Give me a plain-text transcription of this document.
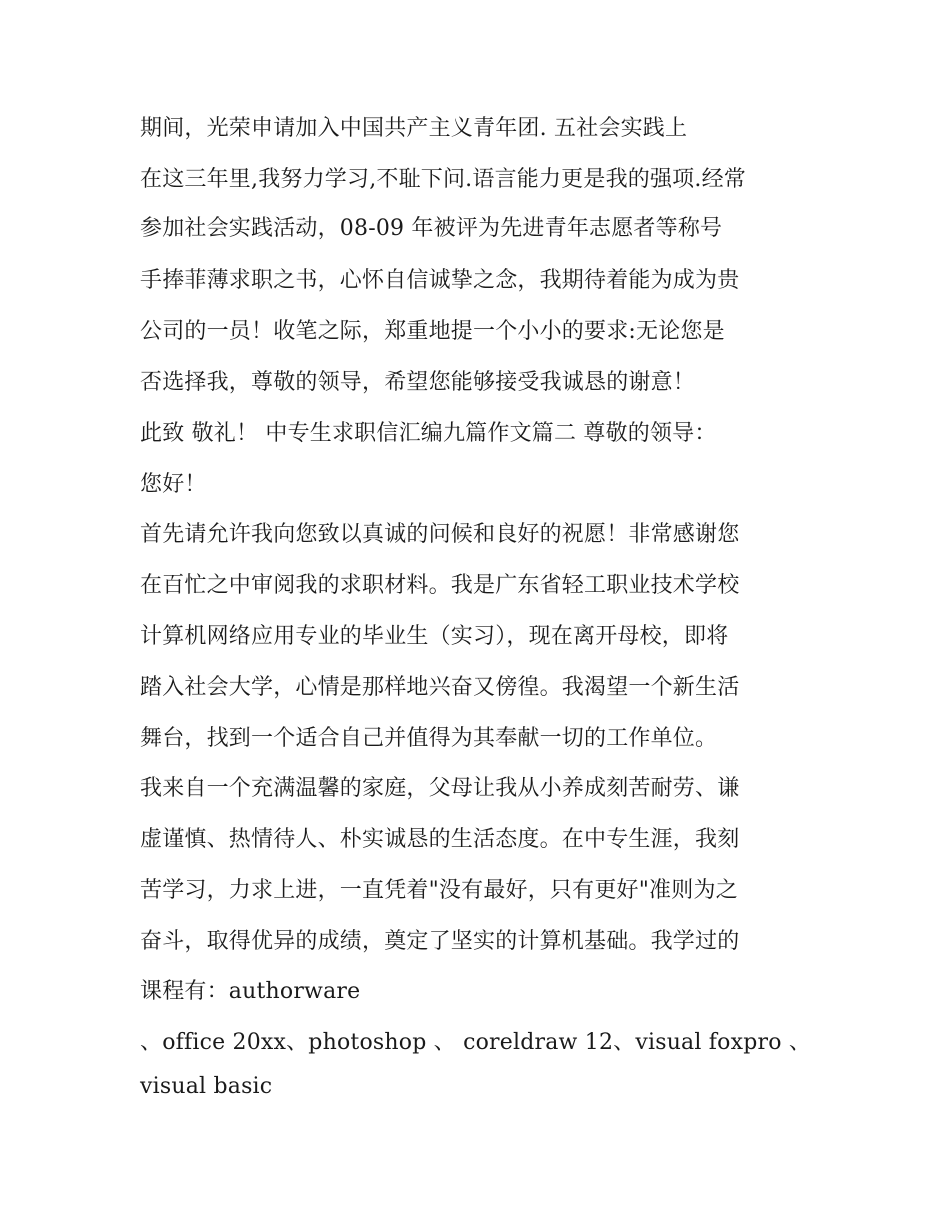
期间，光荣申请加入中国共产主义青年团. 五社会实践上
在这三年里,我努力学习,不耻下问.语言能力更是我的强项.经常
参加社会实践活动，08-09 年被评为先进青年志愿者等称号
手捧菲薄求职之书，心怀自信诚挚之念，我期待着能为成为贵
公司的一员！收笔之际，郑重地提一个小小的要求:无论您是
否选择我，尊敬的领导，希望您能够接受我诚恳的谢意！
此致 敬礼！ 中专生求职信汇编九篇作文篇二 尊敬的领导：
您好！
首先请允许我向您致以真诚的问候和良好的祝愿！非常感谢您
在百忙之中审阅我的求职材料。我是广东省轻工职业技术学校
计算机网络应用专业的毕业生（实习），现在离开母校，即将
踏入社会大学，心情是那样地兴奋又傍徨。我渴望一个新生活
舞台，找到一个适合自己并值得为其奉献一切的工作单位。
我来自一个充满温馨的家庭，父母让我从小养成刻苦耐劳、谦
虚谨慎、热情待人、朴实诚恳的生活态度。在中专生涯，我刻
苦学习，力求上进，一直凭着"没有最好，只有更好"准则为之
奋斗，取得优异的成绩，奠定了坚实的计算机基础。我学过的
课程有：authorware
、office 20xx、photoshop 、 coreldraw 12、visual foxpro 、
visual basic
